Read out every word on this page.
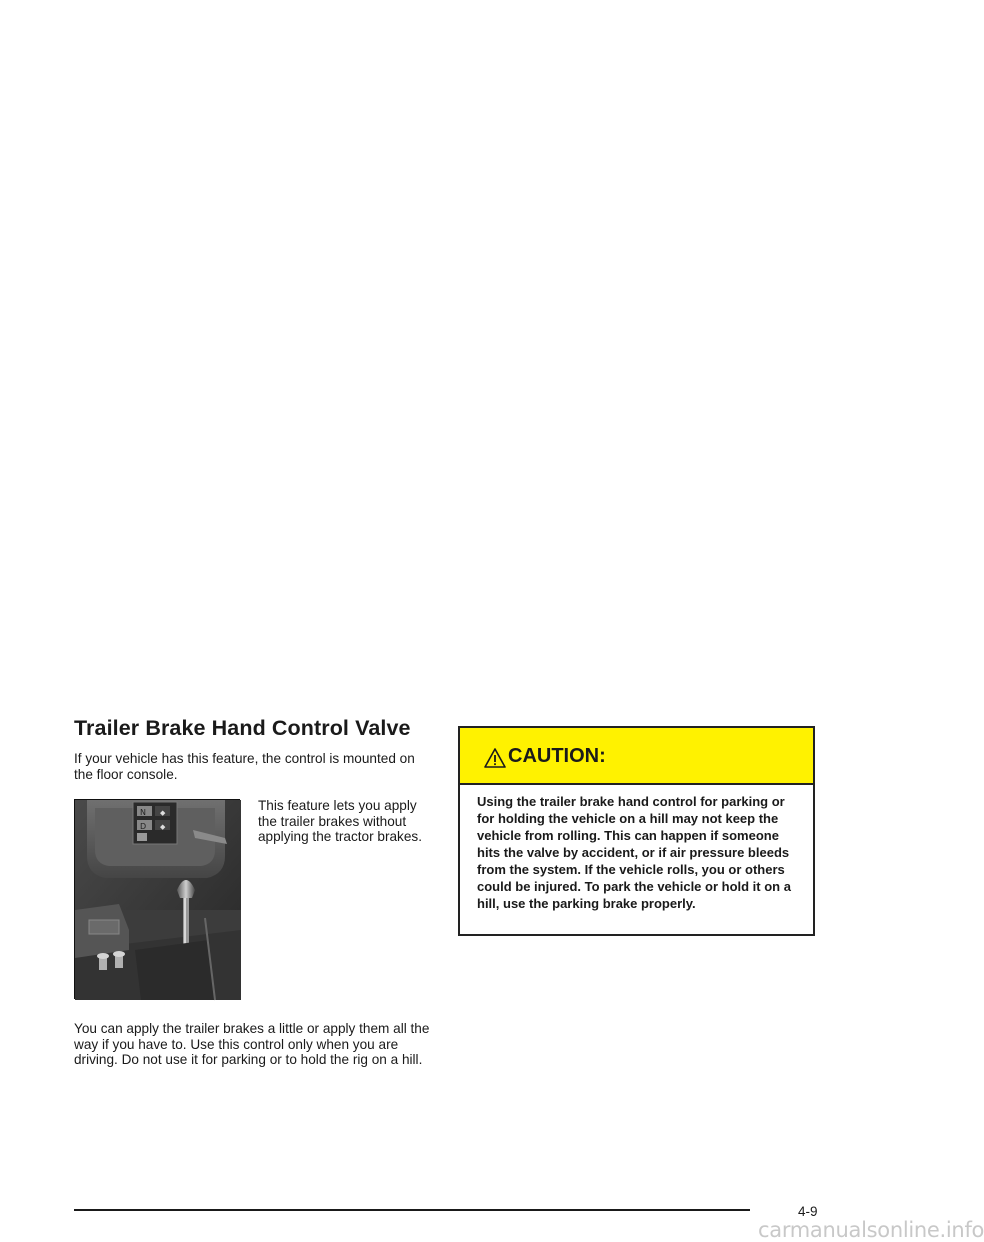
Trailer Brake Hand Control Valve

If your vehicle has this feature, the control is mounted on the floor console.

N ◆
D ◆

This feature lets you apply the trailer brakes without applying the tractor brakes.

You can apply the trailer brakes a little or apply them all the way if you have to. Use this control only when you are driving. Do not use it for parking or to hold the rig on a hill.

CAUTION:

Using the trailer brake hand control for parking or for holding the vehicle on a hill may not keep the vehicle from rolling. This can happen if someone hits the valve by accident, or if air pressure bleeds from the system. If the vehicle rolls, you or others could be injured. To park the vehicle or hold it on a hill, use the parking brake properly.

4-9
carmanualsonline.info
